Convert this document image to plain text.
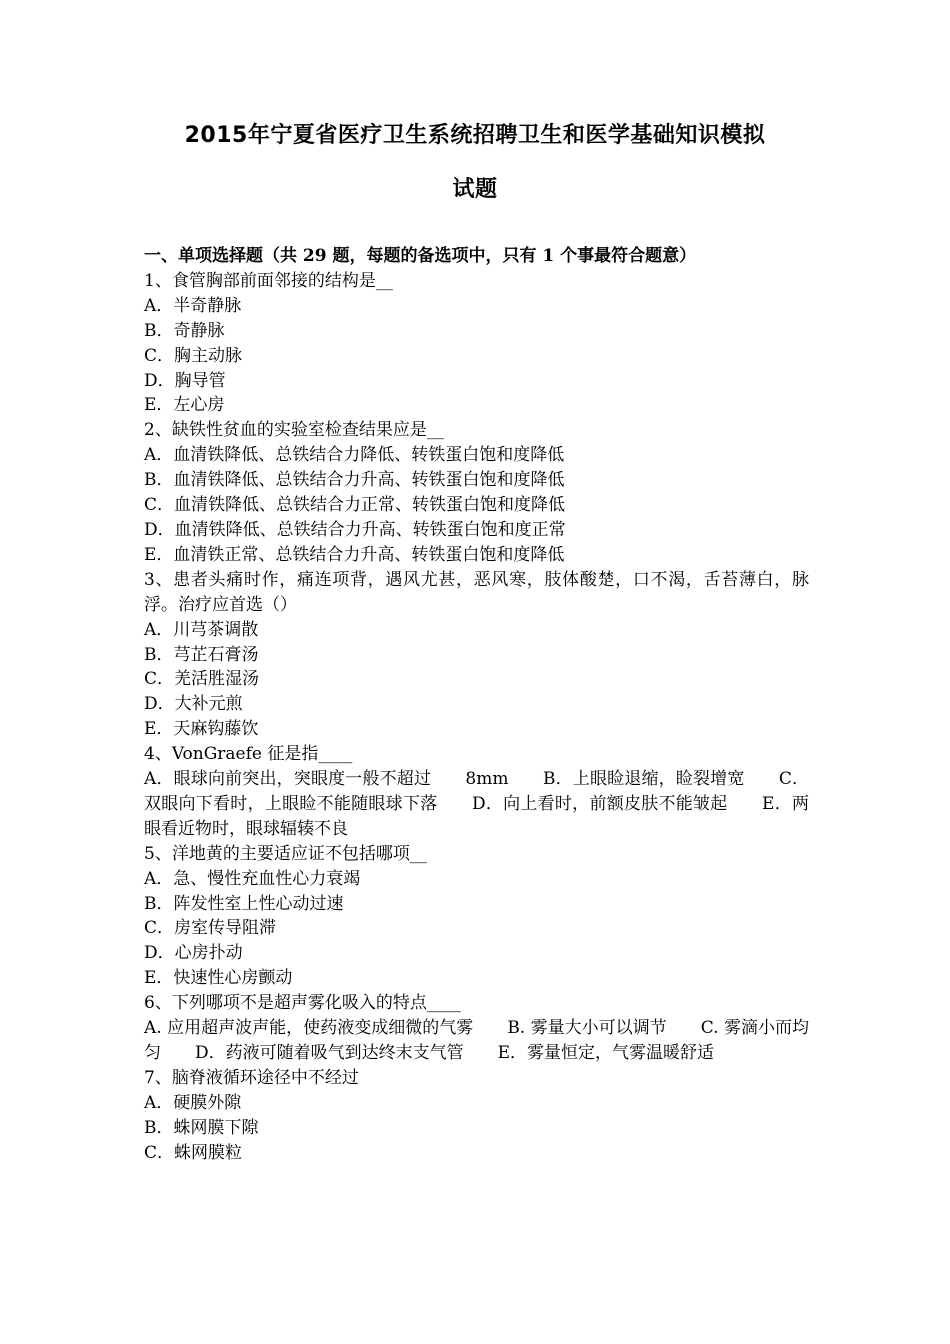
2015年宁夏省医疗卫生系统招聘卫生和医学基础知识模拟
试题

一、单项选择题（共 29 题，每题的备选项中，只有 1 个事最符合题意）

1、食管胸部前面邻接的结构是__

A．半奇静脉

B．奇静脉

C．胸主动脉

D．胸导管

E．左心房

2、缺铁性贫血的实验室检查结果应是__

A．血清铁降低、总铁结合力降低、转铁蛋白饱和度降低

B．血清铁降低、总铁结合力升高、转铁蛋白饱和度降低

C．血清铁降低、总铁结合力正常、转铁蛋白饱和度降低

D．血清铁降低、总铁结合力升高、转铁蛋白饱和度正常

E．血清铁正常、总铁结合力升高、转铁蛋白饱和度降低

3、患者头痛时作，痛连项背，遇风尤甚，恶风寒，肢体酸楚，口不渴，舌苔薄白，脉浮。治疗应首选（）

A．川芎茶调散

B．芎芷石膏汤

C．羌活胜湿汤

D．大补元煎

E．天麻钩藤饮

4、VonGraefe 征是指____

A．眼球向前突出，突眼度一般不超过　　8mm　　B．上眼睑退缩，睑裂增宽　　C．双眼向下看时，上眼睑不能随眼球下落　　D．向上看时，前额皮肤不能皱起　　E．两眼看近物时，眼球辐辏不良

5、洋地黄的主要适应证不包括哪项__

A．急、慢性充血性心力衰竭

B．阵发性室上性心动过速

C．房室传导阻滞

D．心房扑动

E．快速性心房颤动

6、下列哪项不是超声雾化吸入的特点____

A. 应用超声波声能，使药液变成细微的气雾　　B. 雾量大小可以调节　　C. 雾滴小而均匀　　D．药液可随着吸气到达终末支气管　　E．雾量恒定，气雾温暖舒适

7、脑脊液循环途径中不经过

A．硬膜外隙

B．蛛网膜下隙

C．蛛网膜粒
